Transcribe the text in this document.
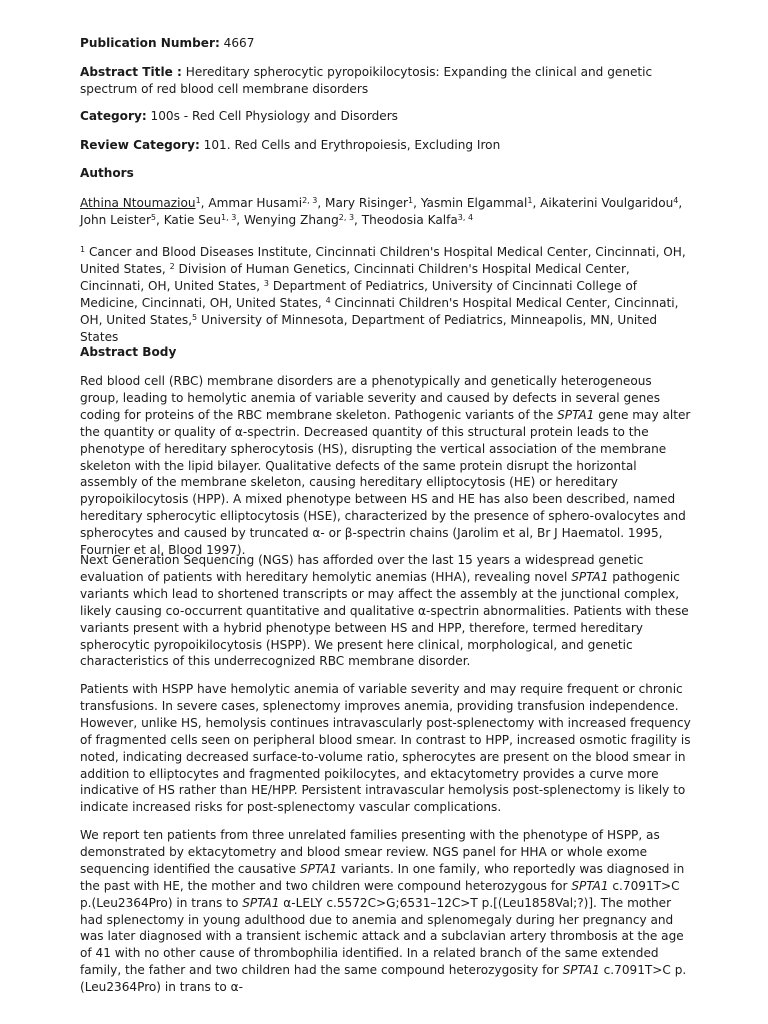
Publication Number: 4667

Abstract Title : Hereditary spherocytic pyropoikilocytosis: Expanding the clinical and genetic spectrum of red blood cell membrane disorders

Category: 100s - Red Cell Physiology and Disorders

Review Category: 101. Red Cells and Erythropoiesis, Excluding Iron

Authors

Athina Ntoumaziou$^1$, Ammar Husami$^{2, 3}$, Mary Risinger$^1$, Yasmin Elgammal$^1$, Aikaterini Voulgaridou$^4$, John Leister$^5$, Katie Seu$^{1, 3}$, Wenying Zhang$^{2, 3}$, Theodosia Kalfa$^{3, 4}$

$^1$ Cancer and Blood Diseases Institute, Cincinnati Children's Hospital Medical Center, Cincinnati, OH, United States, $^2$ Division of Human Genetics, Cincinnati Children's Hospital Medical Center, Cincinnati, OH, United States, $^3$ Department of Pediatrics, University of Cincinnati College of Medicine, Cincinnati, OH, United States, $^4$ Cincinnati Children's Hospital Medical Center, Cincinnati, OH, United States,$^5$ University of Minnesota, Department of Pediatrics, Minneapolis, MN, United States

Abstract Body

Red blood cell (RBC) membrane disorders are a phenotypically and genetically heterogeneous group, leading to hemolytic anemia of variable severity and caused by defects in several genes coding for proteins of the RBC membrane skeleton. Pathogenic variants of the SPTA1 gene may alter the quantity or quality of α-spectrin. Decreased quantity of this structural protein leads to the phenotype of hereditary spherocytosis (HS), disrupting the vertical association of the membrane skeleton with the lipid bilayer. Qualitative defects of the same protein disrupt the horizontal assembly of the membrane skeleton, causing hereditary elliptocytosis (HE) or hereditary pyropoikilocytosis (HPP). A mixed phenotype between HS and HE has also been described, named hereditary spherocytic elliptocytosis (HSE), characterized by the presence of sphero-ovalocytes and spherocytes and caused by truncated α- or β-spectrin chains (Jarolim et al, Br J Haematol. 1995, Fournier et al, Blood 1997).

Next Generation Sequencing (NGS) has afforded over the last 15 years a widespread genetic evaluation of patients with hereditary hemolytic anemias (HHA), revealing novel SPTA1 pathogenic variants which lead to shortened transcripts or may affect the assembly at the junctional complex, likely causing co-occurrent quantitative and qualitative α-spectrin abnormalities. Patients with these variants present with a hybrid phenotype between HS and HPP, therefore, termed hereditary spherocytic pyropoikilocytosis (HSPP). We present here clinical, morphological, and genetic characteristics of this underrecognized RBC membrane disorder.

Patients with HSPP have hemolytic anemia of variable severity and may require frequent or chronic transfusions. In severe cases, splenectomy improves anemia, providing transfusion independence. However, unlike HS, hemolysis continues intravascularly post-splenectomy with increased frequency of fragmented cells seen on peripheral blood smear. In contrast to HPP, increased osmotic fragility is noted, indicating decreased surface-to-volume ratio, spherocytes are present on the blood smear in addition to elliptocytes and fragmented poikilocytes, and ektacytometry provides a curve more indicative of HS rather than HE/HPP. Persistent intravascular hemolysis post-splenectomy is likely to indicate increased risks for post-splenectomy vascular complications.

We report ten patients from three unrelated families presenting with the phenotype of HSPP, as demonstrated by ektacytometry and blood smear review. NGS panel for HHA or whole exome sequencing identified the causative SPTA1 variants. In one family, who reportedly was diagnosed in the past with HE, the mother and two children were compound heterozygous for SPTA1 c.7091T>C p.(Leu2364Pro) in trans to SPTA1 α-LELY c.5572C>G;6531–12C>T p.[(Leu1858Val;?)]. The mother had splenectomy in young adulthood due to anemia and splenomegaly during her pregnancy and was later diagnosed with a transient ischemic attack and a subclavian artery thrombosis at the age of 41 with no other cause of thrombophilia identified. In a related branch of the same extended family, the father and two children had the same compound heterozygosity for SPTA1 c.7091T>C p.(Leu2364Pro) in trans to α-
